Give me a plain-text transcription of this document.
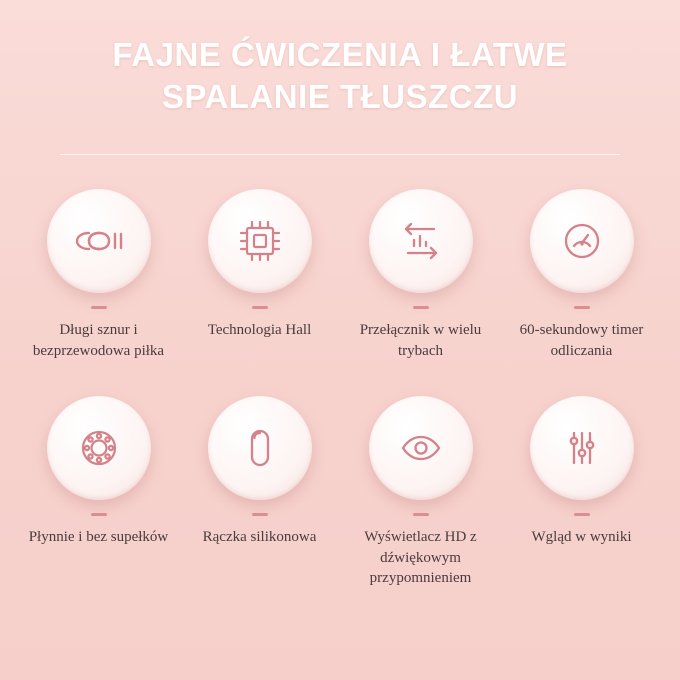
FAJNE ĆWICZENIA I ŁATWE SPALANIE TŁUSZCZU
Długi sznur i bezprzewodowa piłka
Technologia Hall	Przełącznik w wielu trybach
60-sekundowy timer odliczania
Płynnie i bez supełków Rączka silikonowa	Wyświetlacz HD z dźwiękowym przypomnieniem
Wgląd w wyniki
